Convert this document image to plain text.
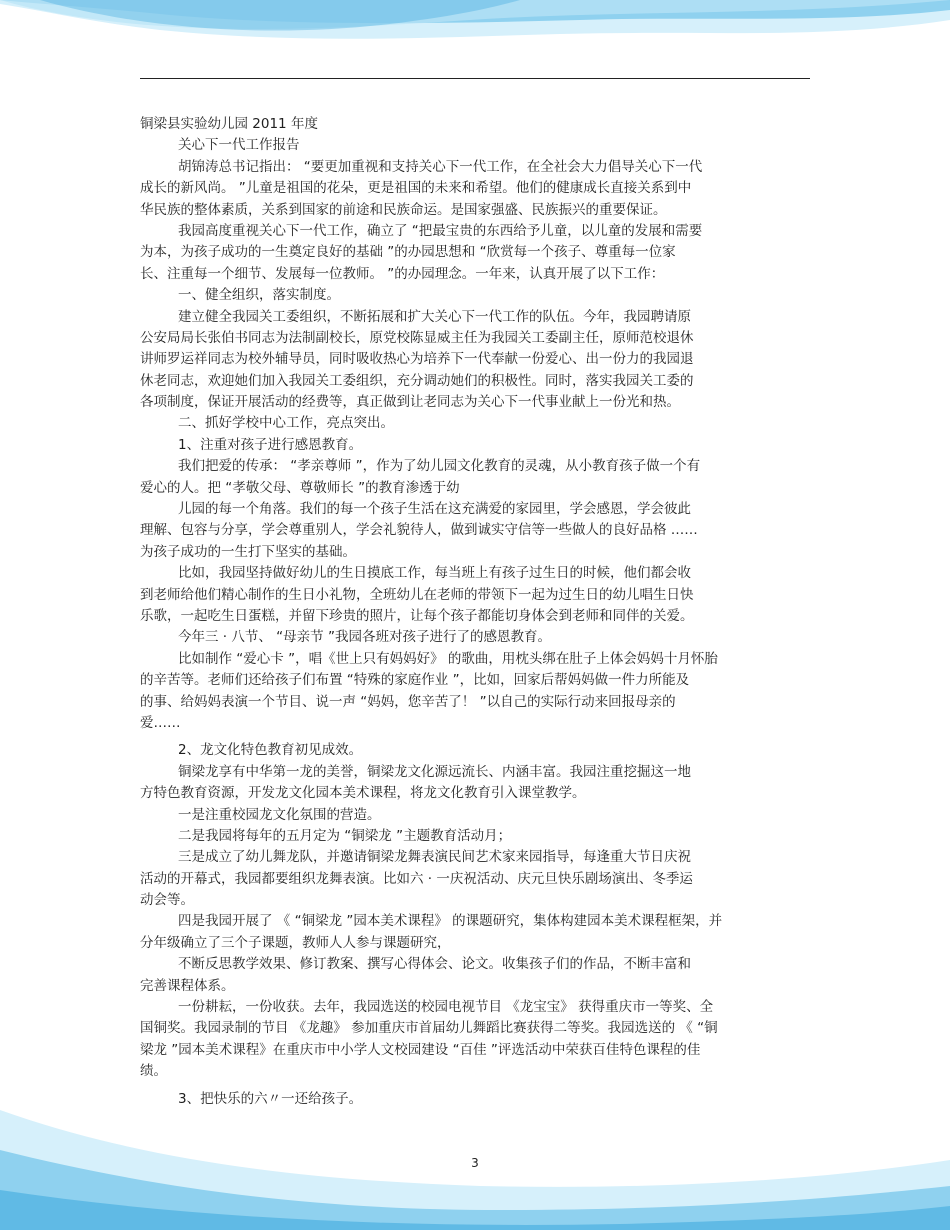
铜梁县实验幼儿园 2011 年度
关心下一代工作报告
胡锦涛总书记指出： “要更加重视和支持关心下一代工作，在全社会大力倡导关心下一代
成长的新风尚。 ”儿童是祖国的花朵，更是祖国的未来和希望。他们的健康成长直接关系到中
华民族的整体素质，关系到国家的前途和民族命运。是国家强盛、民族振兴的重要保证。
我园高度重视关心下一代工作，确立了 “把最宝贵的东西给予儿童，以儿童的发展和需要
为本，为孩子成功的一生奠定良好的基础 ”的办园思想和 “欣赏每一个孩子、尊重每一位家
长、注重每一个细节、发展每一位教师。 ”的办园理念。一年来，认真开展了以下工作：
一、健全组织，落实制度。
建立健全我园关工委组织，不断拓展和扩大关心下一代工作的队伍。今年，我园聘请原
公安局局长张伯书同志为法制副校长，原党校陈显威主任为我园关工委副主任，原师范校退休
讲师罗运祥同志为校外辅导员，同时吸收热心为培养下一代奉献一份爱心、出一份力的我园退
休老同志，欢迎她们加入我园关工委组织，充分调动她们的积极性。同时，落实我园关工委的
各项制度，保证开展活动的经费等，真正做到让老同志为关心下一代事业献上一份光和热。
二、抓好学校中心工作，亮点突出。
1、注重对孩子进行感恩教育。
我们把爱的传承： “孝亲尊师 ”，作为了幼儿园文化教育的灵魂，从小教育孩子做一个有
爱心的人。把 “孝敬父母、尊敬师长 ”的教育渗透于幼
儿园的每一个角落。我们的每一个孩子生活在这充满爱的家园里，学会感恩，学会彼此
理解、包容与分享，学会尊重别人，学会礼貌待人，做到诚实守信等一些做人的良好品格 ……
为孩子成功的一生打下坚实的基础。
比如，我园坚持做好幼儿的生日摸底工作，每当班上有孩子过生日的时候，他们都会收
到老师给他们精心制作的生日小礼物，全班幼儿在老师的带领下一起为过生日的幼儿唱生日快
乐歌，一起吃生日蛋糕，并留下珍贵的照片，让每个孩子都能切身体会到老师和同伴的关爱。
今年三 · 八节、 “母亲节 ”我园各班对孩子进行了的感恩教育。
比如制作 “爱心卡 ”，唱《世上只有妈妈好》 的歌曲，用枕头绑在肚子上体会妈妈十月怀胎
的辛苦等。老师们还给孩子们布置 “特殊的家庭作业 ”，比如，回家后帮妈妈做一件力所能及
的事、给妈妈表演一个节目、说一声 “妈妈，您辛苦了！ ”以自己的实际行动来回报母亲的
爱……
2、龙文化特色教育初见成效。
铜梁龙享有中华第一龙的美誉，铜梁龙文化源远流长、内涵丰富。我园注重挖掘这一地
方特色教育资源，开发龙文化园本美术课程，将龙文化教育引入课堂教学。
一是注重校园龙文化氛围的营造。
二是我园将每年的五月定为 “铜梁龙 ”主题教育活动月；
三是成立了幼儿舞龙队，并邀请铜梁龙舞表演民间艺术家来园指导，每逢重大节日庆祝
活动的开幕式，我园都要组织龙舞表演。比如六 · 一庆祝活动、庆元旦快乐剧场演出、冬季运
动会等。
四是我园开展了 《 “铜梁龙 ”园本美术课程》 的课题研究，集体构建园本美术课程框架，并
分年级确立了三个子课题，教师人人参与课题研究，
不断反思教学效果、修订教案、撰写心得体会、论文。收集孩子们的作品，不断丰富和
完善课程体系。
一份耕耘，一份收获。去年，我园选送的校园电视节目 《龙宝宝》 获得重庆市一等奖、全
国铜奖。我园录制的节目 《龙趣》 参加重庆市首届幼儿舞蹈比赛获得二等奖。我园选送的 《 “铜
梁龙 ”园本美术课程》在重庆市中小学人文校园建设 “百佳 ”评选活动中荣获百佳特色课程的佳
绩。
3、把快乐的六〃一还给孩子。
3
